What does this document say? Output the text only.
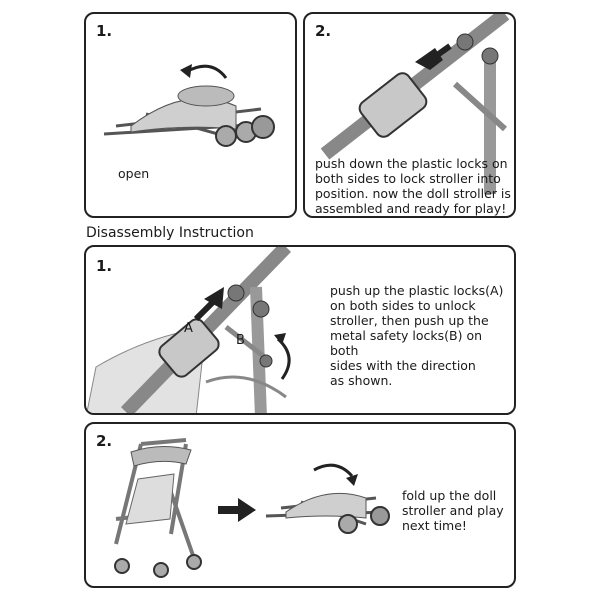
1.
open
2.
push down the plastic locks on
both sides to lock stroller into
position. now the doll stroller is
assembled and ready for play!
Disassembly Instruction
1.
A
B
push up the plastic locks(A)
on both sides to unlock
stroller, then push up the
metal safety locks(B) on both
sides with the direction
as shown.
2.
fold up the doll
stroller and play
next time!
